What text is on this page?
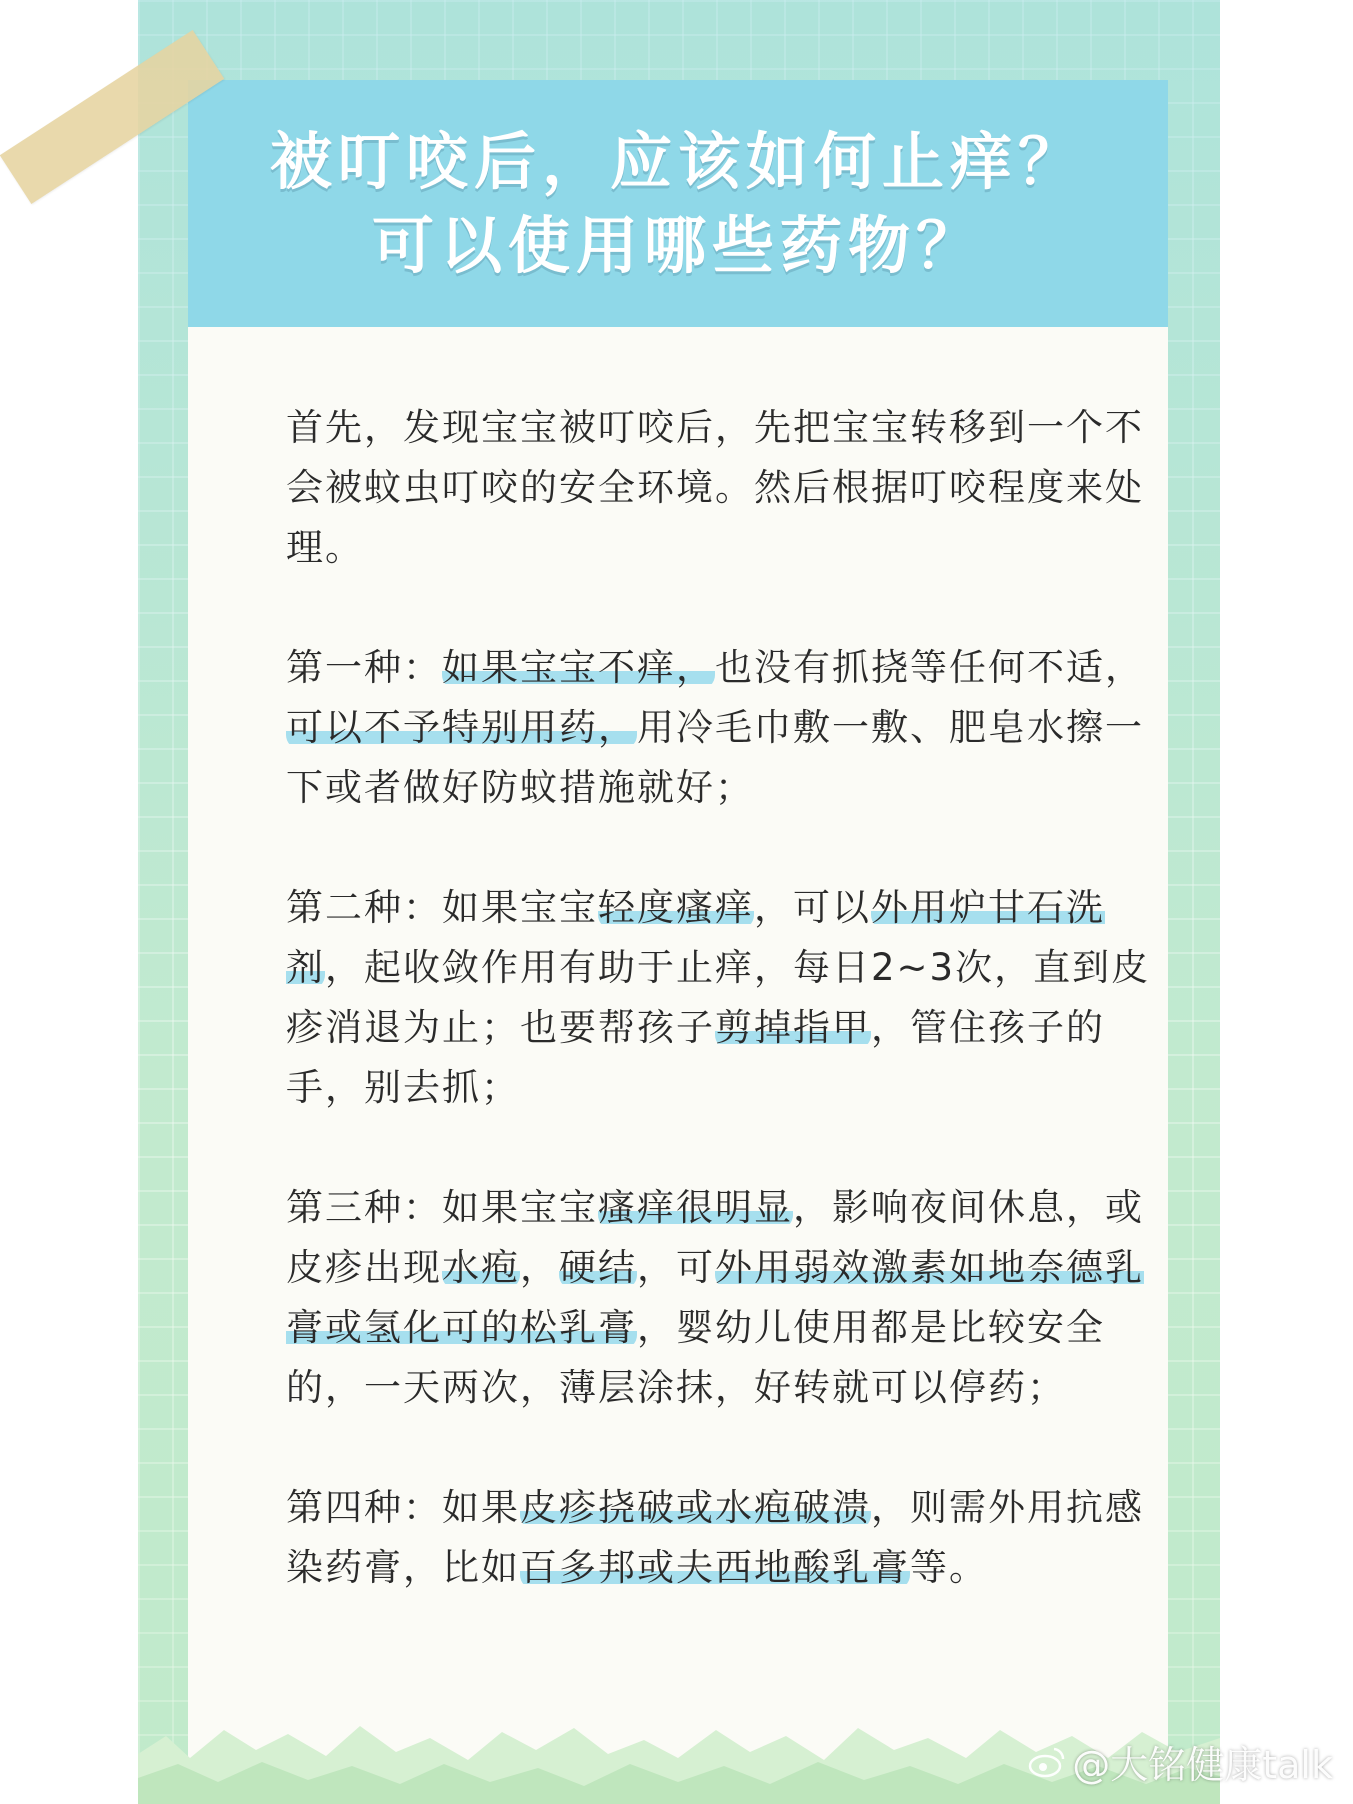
被叮咬后，应该如何止痒？
可以使用哪些药物？

首先，发现宝宝被叮咬后，先把宝宝转移到一个不会被蚊虫叮咬的安全环境。然后根据叮咬程度来处理。

第一种：如果宝宝不痒，也没有抓挠等任何不适，可以不予特别用药，用冷毛巾敷一敷、肥皂水擦一下或者做好防蚊措施就好；

第二种：如果宝宝轻度瘙痒，可以外用炉甘石洗剂，起收敛作用有助于止痒，每日2~3次，直到皮疹消退为止；也要帮孩子剪掉指甲，管住孩子的手，别去抓；

第三种：如果宝宝瘙痒很明显，影响夜间休息，或皮疹出现水疱，硬结，可外用弱效激素如地奈德乳膏或氢化可的松乳膏，婴幼儿使用都是比较安全的，一天两次，薄层涂抹，好转就可以停药；

第四种：如果皮疹挠破或水疱破溃，则需外用抗感染药膏，比如百多邦或夫西地酸乳膏等。

@大铭健康talk
